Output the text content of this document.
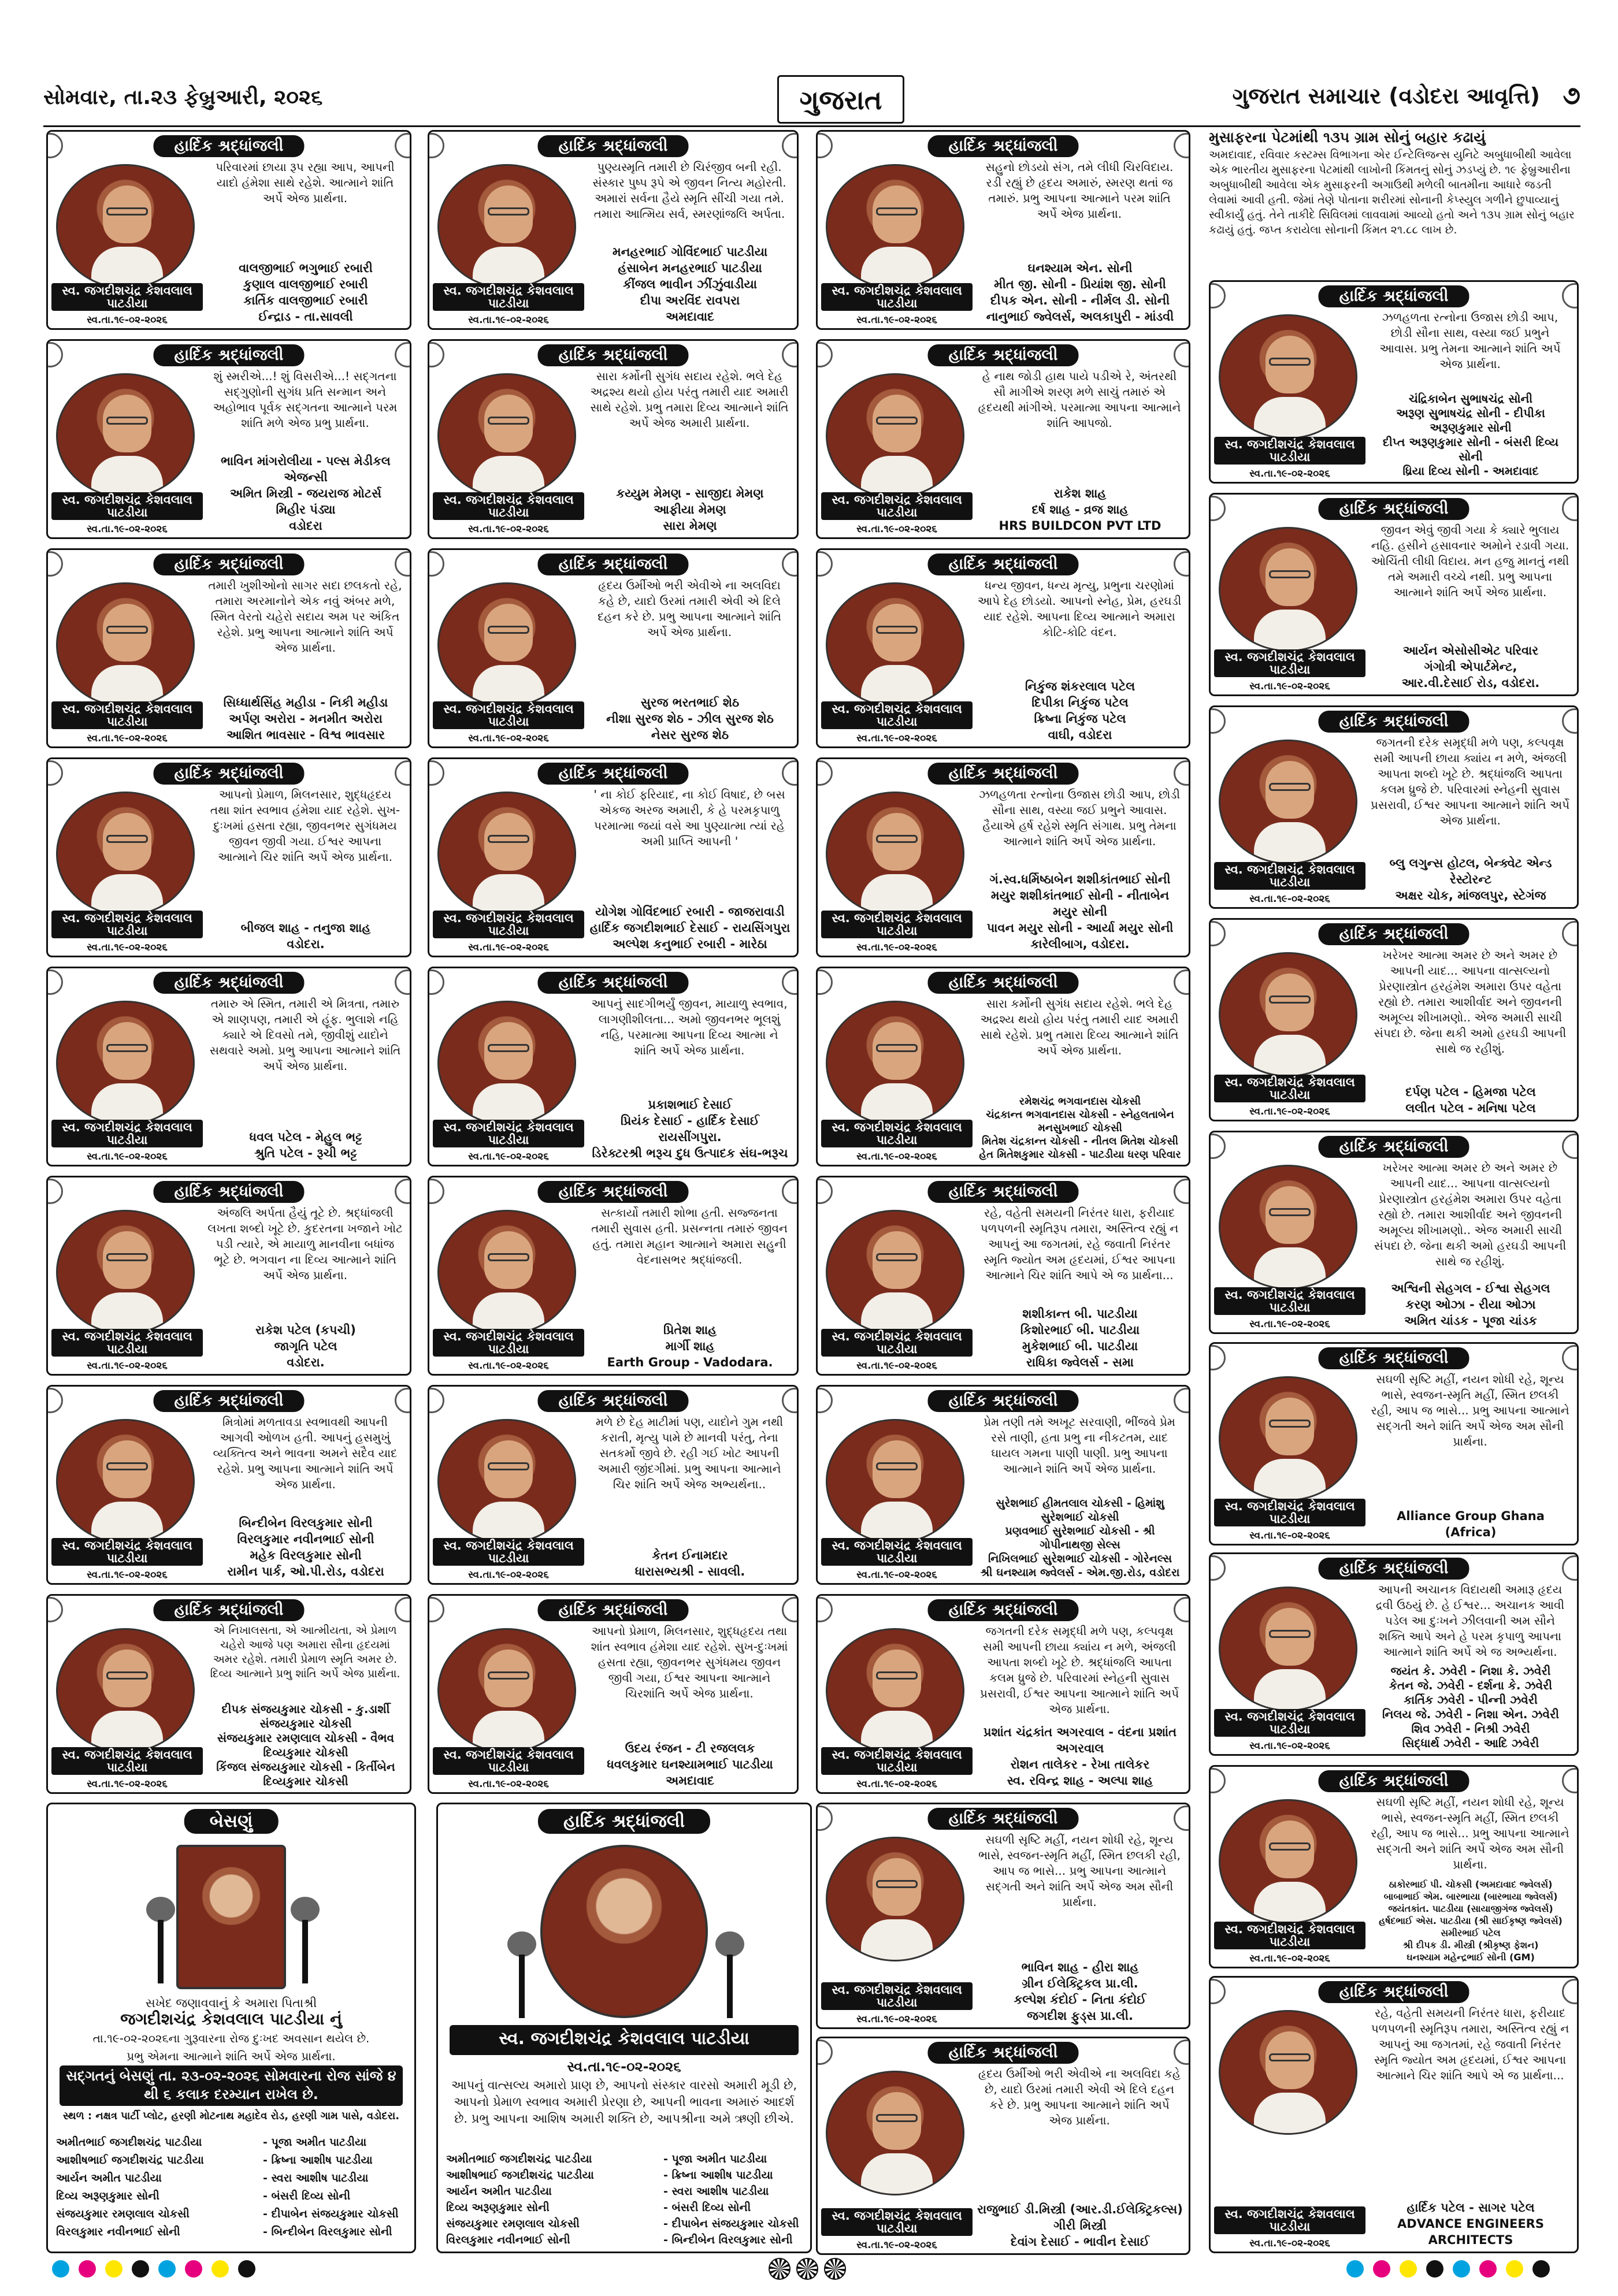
સોમવાર, તા.૨૩ ફેબ્રુઆરી, ૨૦૨૬	ગુજરાત	ગુજરાત સમાચાર (વડોદરા આવૃત્તિ) ૭
મુસાફરના પેટમાંથી ૧૩૫ ગ્રામ સોનું બહાર કઢાયું
અમદાવાદ, રવિવાર કસ્ટમ્સ વિભાગના એર ઈન્ટેલિજન્સ યુનિટે અબુધાબીથી આવેલા એક ભારતીય મુસાફરના પેટમાંથી લાખોની કિંમતનું સોનું ઝડપ્યું છે. ૧૯ ફેબ્રુઆરીના અબુધાબીથી આવેલા એક મુસાફરની અગાઉથી મળેલી બાતમીના આધારે જડતી લેવામાં આવી હતી. જેમાં તેણે પોતાના શરીરમાં સોનાની કેપ્સ્યુલ ગળીને છુપાવ્યાનું સ્વીકાર્યું હતું. તેને તાકીદે સિવિલમાં લાવવામાં આવ્યો હતો અને ૧૩૫ ગ્રામ સોનું બહાર કઢાયું હતું. જપ્ત કરાયેલા સોનાની કિંમત ૨૧.૮૮ લાખ છે.
હાર્દિક શ્રદ્ધાંજલી
સ્વ. જગદીશચંદ્ર કેશવલાલ પાટડીયા
સ્વ.તા.૧૯-૦૨-૨૦૨૬
પરિવારમાં છાયા રૂપ રહ્યા આપ, આપની યાદો હંમેશા સાથે રહેશે. આત્માને શાંતિ અર્પે એજ પ્રાર્થના.
વાલજીભાઈ ભગુભાઈ રબારી
કુણાલ વાલજીભાઈ રબારી
કાર્તિક વાલજીભાઈ રબારી
ઈન્દ્રાડ - તા.સાવલી
હાર્દિક શ્રદ્ધાંજલી
સ્વ. જગદીશચંદ્ર કેશવલાલ પાટડીયા
સ્વ.તા.૧૯-૦૨-૨૦૨૬
પુણ્યસ્મૃતિ તમારી છે ચિરંજીવ બની રહી. સંસ્કાર પુષ્પ રૂપે એ જીવન નિત્ય મહોરતી. અમારાં સર્વના હૈયે સ્મૃતિ સીંચી ગયા તમે. તમારા આત્મિય સર્વ, સ્મરણાંજલિ અર્પતા.
મનહરભાઈ ગોવિંદભાઈ પાટડીયા
હંસાબેન મનહરભાઈ પાટડીયા
કીંજલ ભાવીન ઝીંઝુંવાડીયા
દીપા અરવિંદ રાવપરા
અમદાવાદ
હાર્દિક શ્રદ્ધાંજલી
સ્વ. જગદીશચંદ્ર કેશવલાલ પાટડીયા
સ્વ.તા.૧૯-૦૨-૨૦૨૬
સહુનો છોડયો સંગ, તમે લીધી ચિરવિદાય. રડી રહ્યું છે હૃદય અમારું, સ્મરણ થતાં જ તમારું. પ્રભુ આપના આત્માને પરમ શાંતિ અર્પે એજ પ્રાર્થના.
ઘનશ્યામ એન. સોની
મીત જી. સોની - પ્રિયાંશ જી. સોની
દીપક એન. સોની - નીર્મલ ડી. સોની
નાનુભાઈ જ્વેલર્સ, અલકાપુરી - માંડવી
હાર્દિક શ્રદ્ધાંજલી
સ્વ. જગદીશચંદ્ર કેશવલાલ પાટડીયા
સ્વ.તા.૧૯-૦૨-૨૦૨૬
શું સ્મરીએ...! શું વિસરીએ...! સદ્ગતના સદ્ગુણોની સુગંધ પ્રતિ સન્માન અને અહોભાવ પૂર્વક સદ્ગતના આત્માને પરમ શાંતિ મળે એજ પ્રભુ પ્રાર્થના.
ભાવિન માંગરોલીયા - પલ્સ મેડીકલ એજન્સી
અમિત મિસ્ત્રી - જયરાજ મોટર્સ
મિહીર પંડ્યા
વડોદરા
હાર્દિક શ્રદ્ધાંજલી
સ્વ. જગદીશચંદ્ર કેશવલાલ પાટડીયા
સ્વ.તા.૧૯-૦૨-૨૦૨૬
સારા કર્મોની સુગંધ સદાય રહેશે. ભલે દેહ અદ્રશ્ય થયો હોય પરંતુ તમારી યાદ અમારી સાથે રહેશે. પ્રભુ તમારા દિવ્ય આત્માને શાંતિ અર્પે એજ અમારી પ્રાર્થના.
કય્યુમ મેમણ - સાજીદા મેમણ
આફીયા મેમણ
સારા મેમણ
હાર્દિક શ્રદ્ધાંજલી
સ્વ. જગદીશચંદ્ર કેશવલાલ પાટડીયા
સ્વ.તા.૧૯-૦૨-૨૦૨૬
હે નાથ જોડી હાથ પાયે પડીએ રે, અંતરથી સૌ માગીએ શરણ મળે સાચું તમારું એ હૃદયથી માંગીએ. પરમાત્મા આપના આત્માને શાંતિ આપજો.
રાકેશ શાહ
દર્ષ શાહ - વ્રજ શાહ
HRS BUILDCON PVT LTD
હાર્દિક શ્રદ્ધાંજલી
સ્વ. જગદીશચંદ્ર કેશવલાલ પાટડીયા
સ્વ.તા.૧૯-૦૨-૨૦૨૬
તમારી ખુશીઓનો સાગર સદા છલકતો રહે, તમારા અરમાનોને એક નવું અંબર મળે, સ્મિત વેરતો ચહેરો સદાય અમ પર અંકિત રહેશે. પ્રભુ આપના આત્માને શાંતિ અર્પે એજ પ્રાર્થના.
સિધ્ધાર્થસિંહ મહીડા - નિકી મહીડા
અર્પણ અરોરા - મનમીત અરોરા
આશિત ભાવસાર - વિશ્વ ભાવસાર
હાર્દિક શ્રદ્ધાંજલી
સ્વ. જગદીશચંદ્ર કેશવલાલ પાટડીયા
સ્વ.તા.૧૯-૦૨-૨૦૨૬
હૃદય ઉર્મીઓ ભરી એવીએ ના અલવિદા કહે છે, યાદો ઉરમાં તમારી એવી એ દિલે દહન કરે છે. પ્રભુ આપના આત્માને શાંતિ અર્પે એજ પ્રાર્થના.
સુરજ ભરતભાઈ શેઠ
નીશા સુરજ શેઠ - ઝીલ સુરજ શેઠ
નેસર સુરજ શેઠ
હાર્દિક શ્રદ્ધાંજલી
સ્વ. જગદીશચંદ્ર કેશવલાલ પાટડીયા
સ્વ.તા.૧૯-૦૨-૨૦૨૬
ધન્ય જીવન, ધન્ય મૃત્યુ, પ્રભુના ચરણોમાં આપે દેહ છોડયો. આપનો સ્નેહ, પ્રેમ, હરઘડી યાદ રહેશે. આપના દિવ્ય આત્માને અમારા કોટિ-કોટિ વંદન.
નિકુંજ શંકરલાલ પટેલ
દિપીકા નિકુંજ પટેલ
ક્રિષ્ના નિકુંજ પટેલ
વાઘી, વડોદરા
હાર્દિક શ્રદ્ધાંજલી
સ્વ. જગદીશચંદ્ર કેશવલાલ પાટડીયા
સ્વ.તા.૧૯-૦૨-૨૦૨૬
આપનો પ્રેમાળ, મિલનસાર, શુદ્ધહૃદય તથા શાંત સ્વભાવ હંમેશા યાદ રહેશે. સુખ-દુઃખમાં હસતા રહ્યા, જીવનભર સુગંધમય જીવન જીવી ગયા. ઈશ્વર આપના આત્માને ચિર શાંતિ અર્પે એજ પ્રાર્થના.
બીજલ શાહ - તનુજા શાહ
વડોદરા.
હાર્દિક શ્રદ્ધાંજલી
સ્વ. જગદીશચંદ્ર કેશવલાલ પાટડીયા
સ્વ.તા.૧૯-૦૨-૨૦૨૬
' ના કોઈ ફરિયાદ, ના કોઈ વિષાદ, છે બસ એકજ અરજ અમારી, કે હે પરમકૃપાળુ પરમાત્મા જયાં વસે આ પુણ્યાત્મા ત્યાં રહે અમી પ્રાપ્તિ આપની '
યોગેશ ગોવિંદભાઈ રબારી - જાજરાવાડી
હાર્દિક જગદીશભાઈ દેસાઈ - રાયસિંગપુરા
અલ્પેશ કનુભાઈ રબારી - મારેઠા
હાર્દિક શ્રદ્ધાંજલી
સ્વ. જગદીશચંદ્ર કેશવલાલ પાટડીયા
સ્વ.તા.૧૯-૦૨-૨૦૨૬
ઝળહળતા રત્નોના ઉજાસ છોડી આપ, છોડી સૌના સાથ, વસ્યા જઈ પ્રભુને આવાસ. હૈયાએ હર્ષ રહેશે સ્મૃતિ સંગાથ. પ્રભુ તેમના આત્માને શાંતિ અર્પે એજ પ્રાર્થના.
ગં.સ્વ.ધર્મિષ્ઠાબેન શશીકાંતભાઈ સોની
મયુર શશીકાંતભાઈ સોની - નીતાબેન મયુર સોની
પાવન મયુર સોની - આર્યા મયુર સોની
કારેલીબાગ, વડોદરા.
હાર્દિક શ્રદ્ધાંજલી
સ્વ. જગદીશચંદ્ર કેશવલાલ પાટડીયા
સ્વ.તા.૧૯-૦૨-૨૦૨૬
તમારુ એ સ્મિત, તમારી એ મિત્રતા, તમારુ એ શાણપણ, તમારી એ હૂંફ. ભુલાશે નહિ ક્યારે એ દિવસો તમે, જીવીશું યાદોને સથવારે અમો. પ્રભુ આપના આત્માને શાંતિ અર્પે એજ પ્રાર્થના.
ધવલ પટેલ - મેહુલ ભટ્ટ
શ્રુતિ પટેલ - રૂચી ભટ્ટ
હાર્દિક શ્રદ્ધાંજલી
સ્વ. જગદીશચંદ્ર કેશવલાલ પાટડીયા
સ્વ.તા.૧૯-૦૨-૨૦૨૬
આપનું સાદગીભર્યું જીવન, માયાળુ સ્વભાવ, લાગણીશીલતા... અમો જીવનભર ભૂલશું નહિ, પરમાત્મા આપના દિવ્ય આત્મા ને શાંતિ અર્પે એજ પ્રાર્થના.
પ્રકાશભાઈ દેસાઈ
પ્રિયંક દેસાઈ - હાર્દિક દેસાઈ
રાયસીંગપુરા.
ડિરેક્ટરશ્રી ભરૂચ દુધ ઉત્પાદક સંઘ-ભરૂચ
હાર્દિક શ્રદ્ધાંજલી
સ્વ. જગદીશચંદ્ર કેશવલાલ પાટડીયા
સ્વ.તા.૧૯-૦૨-૨૦૨૬
સારા કર્મોની સુગંધ સદાય રહેશે. ભલે દેહ અદ્રશ્ય થયો હોય પરંતુ તમારી યાદ અમારી સાથે રહેશે. પ્રભુ તમારા દિવ્ય આત્માને શાંતિ અર્પે એજ પ્રાર્થના.
રમેશચંદ્ર ભગવાનદાસ ચોકસી
ચંદ્રકાન્ત ભગવાનદાસ ચોકસી - સ્નેહલતાબેન મનસુખભાઈ ચોકસી
મિતેશ ચંદ્રકાન્ત ચોકસી - નીતલ મિતેશ ચોકસી
હેત મિતેશકુમાર ચોકસી - પાટડીયા ધરણ પરિવાર
હાર્દિક શ્રદ્ધાંજલી
સ્વ. જગદીશચંદ્ર કેશવલાલ પાટડીયા
સ્વ.તા.૧૯-૦૨-૨૦૨૬
અંજલિ અર્પતા હૈયું તૂટે છે. શ્રદ્ધાંજલી લખતા શબ્દો ખૂટે છે. કુદરતના ખજાને ખોટ પડી ત્યારે, એ માયાળુ માનવીના બધાંજ ભૂટે છે. ભગવાન ના દિવ્ય આત્માને શાંતિ અર્પે એજ પ્રાર્થના.
રાકેશ પટેલ (કપચી)
જાગૃતિ પટેલ
વડોદરા.
હાર્દિક શ્રદ્ધાંજલી
સ્વ. જગદીશચંદ્ર કેશવલાલ પાટડીયા
સ્વ.તા.૧૯-૦૨-૨૦૨૬
સત્કાર્યો તમારી શોભા હતી. સજ્જનતા તમારી સુવાસ હતી. પ્રસન્નતા તમારું જીવન હતું. તમારા મહાન આત્માને અમારા સહુની વેદનાસભર શ્રદ્ધાંજલી.
પ્રિતેશ શાહ
માર્ગી શાહ
Earth Group - Vadodara.
હાર્દિક શ્રદ્ધાંજલી
સ્વ. જગદીશચંદ્ર કેશવલાલ પાટડીયા
સ્વ.તા.૧૯-૦૨-૨૦૨૬
રહે, વહેતી સમયની નિરંતર ધારા, ફરીયાદ પળપળની સ્મૃતિરૂપ તમારા, અસ્તિત્વ રહ્યું ન આપનું આ જગતમાં, રહે જવાતી નિરંતર સ્મૃતિ જ્યોત અમ હૃદયમાં, ઈશ્વર આપના આત્માને ચિર શાંતિ આપે એ જ પ્રાર્થના...
શશીકાન્ત બી. પાટડીયા
કિશોરભાઈ બી. પાટડીયા
મુકેશભાઈ બી. પાટડીયા
રાધિકા જ્વેલર્સ - સમા
હાર્દિક શ્રદ્ધાંજલી
સ્વ. જગદીશચંદ્ર કેશવલાલ પાટડીયા
સ્વ.તા.૧૯-૦૨-૨૦૨૬
મિત્રોમાં મળતાવડા સ્વભાવથી આપની આગવી ઓળખ હતી. આપનું હસમુખું વ્યક્તિત્વ અને ભાવના અમને સદૈવ યાદ રહેશે. પ્રભુ આપના આત્માને શાંતિ અર્પે એજ પ્રાર્થના.
બિન્દીબેન વિરલકુમાર સોની
વિરલકુમાર નવીનભાઈ સોની
મહેક વિરલકુમાર સોની
રામીન પાર્ક, ઓ.પી.રોડ, વડોદરા
હાર્દિક શ્રદ્ધાંજલી
સ્વ. જગદીશચંદ્ર કેશવલાલ પાટડીયા
સ્વ.તા.૧૯-૦૨-૨૦૨૬
મળે છે દેહ માટીમાં પણ, યાદોને ગુમ નથી કરાતી, મૃત્યુ પામે છે માનવી પરંતુ, તેના સતકર્મો જીવે છે. રહી ગઈ ખોટ આપની અમારી જીંદગીમાં. પ્રભુ આપના આત્માને ચિર શાંતિ અર્પે એજ અભ્યર્થના..
કેતન ઈનામદાર
ધારાસભ્યશ્રી - સાવલી.
હાર્દિક શ્રદ્ધાંજલી
સ્વ. જગદીશચંદ્ર કેશવલાલ પાટડીયા
સ્વ.તા.૧૯-૦૨-૨૦૨૬
પ્રેમ તણી તમે અખૂટ સરવાણી, ભીંજવે પ્રેમ રસે તાણી, હતા પ્રભુ ના નીકટતમ, યાદ ઘાયલ ગમના પાણી પાણી. પ્રભુ આપના આત્માને શાંતિ અર્પે એજ પ્રાર્થના.
સુરેશભાઈ હીમતલાલ ચોકસી - હિમાંશુ સુરેશભાઈ ચોકસી
પ્રણવભાઈ સુરેશભાઈ ચોકસી - શ્રી ગોપીનાથજી સેલ્સ
નિખિલભાઈ સુરેશભાઈ ચોકસી - ગોરેનલ્સ
શ્રી ઘનશ્યામ જ્વેલર્સ - એમ.જી.રોડ, વડોદરા
હાર્દિક શ્રદ્ધાંજલી
સ્વ. જગદીશચંદ્ર કેશવલાલ પાટડીયા
સ્વ.તા.૧૯-૦૨-૨૦૨૬
એ નિખાલસતા, એ આત્મીયતા, એ પ્રેમાળ ચહેરો આજે પણ અમારા સૌના હૃદયમાં અમર રહેશે. તમારી પ્રેમાળ સ્મૃતિ અમર છે. દિવ્ય આત્માને પ્રભુ શાંતિ અર્પે એજ પ્રાર્થના.
દીપક સંજયકુમાર ચોકસી - કુ.ડાર્શી સંજયકુમાર ચોકસી
સંજયકુમાર રમણલાલ ચોકસી - વૈભવ દિવ્યકુમાર ચોકસી
કિંજલ સંજયકુમાર ચોકસી - કિર્તીબેન દિવ્યકુમાર ચોકસી
હાર્દિક શ્રદ્ધાંજલી
સ્વ. જગદીશચંદ્ર કેશવલાલ પાટડીયા
સ્વ.તા.૧૯-૦૨-૨૦૨૬
આપનો પ્રેમાળ, મિલનસાર, શુદ્ધહૃદય તથા શાંત સ્વભાવ હંમેશા યાદ રહેશે. સુખ-દુઃખમાં હસતા રહ્યા, જીવનભર સુગંધમય જીવન જીવી ગયા, ઈશ્વર આપના આત્માને ચિરશાંતિ અર્પે એજ પ્રાર્થના.
ઉદય રંજન - ટી રજલલક
ધવલકુમાર ઘનશ્યામભાઈ પાટડીયા
અમદાવાદ
હાર્દિક શ્રદ્ધાંજલી
સ્વ. જગદીશચંદ્ર કેશવલાલ પાટડીયા
સ્વ.તા.૧૯-૦૨-૨૦૨૬
જગતની દરેક સમૃદ્ધી મળે પણ, કલ્પવૃક્ષ સમી આપની છાયા ક્યાંય ન મળે, અંજલી આપતા શબ્દો ખૂટે છે. શ્રદ્ધાંજલિ આપતા કલમ ધ્રુજે છે. પરિવારમાં સ્નેહની સુવાસ પ્રસરાવી, ઈશ્વર આપના આત્માને શાંતિ અર્પે એજ પ્રાર્થના.
પ્રશાંત ચંદ્રકાંત અગરવાલ - વંદના પ્રશાંત અગરવાલ
રોશન તાલેકર - રેખા તાલેકર
સ્વ. રવિન્દ્ર શાહ - અલ્પા શાહ
હાર્દિક શ્રદ્ધાંજલી
સ્વ. જગદીશચંદ્ર કેશવલાલ પાટડીયા
સ્વ.તા.૧૯-૦૨-૨૦૨૬
સઘળી સૃષ્ટિ મહીં, નયન શોધી રહે, શૂન્ય ભાસે, સ્વજન-સ્મૃતિ મહીં, સ્મિત છલકી રહી, આપ જ ભાસે... પ્રભુ આપના આત્માને સદ્‌ગતી અને શાંતિ અર્પે એજ અમ સૌની પ્રાર્થના.
ભાવિન શાહ - હીરા શાહ
ગ્રીન ઈલેક્ટ્રિકલ પ્રા.લી.
કલ્પેશ કંદોઈ - નિતા કંદોઈ
જગદીશ ફુડ્સ પ્રા.લી.
હાર્દિક શ્રદ્ધાંજલી
સ્વ. જગદીશચંદ્ર કેશવલાલ પાટડીયા
સ્વ.તા.૧૯-૦૨-૨૦૨૬
હૃદય ઉર્મીઓ ભરી એવીએ ના અલવિદા કહે છે, યાદો ઉરમાં તમારી એવી એ દિલે દહન કરે છે. પ્રભુ આપના આત્માને શાંતિ અર્પે એજ પ્રાર્થના.
રાજુભાઈ ડી.મિસ્ત્રી (આર.ડી.ઈલેક્ટ્રિકલ્સ)
ગીરી મિસ્ત્રી
દેવાંગ દેસાઈ - ભાવીન દેસાઈ
હાર્દિક શ્રદ્ધાંજલી
સ્વ. જગદીશચંદ્ર કેશવલાલ પાટડીયા
સ્વ.તા.૧૯-૦૨-૨૦૨૬
ઝળહળતા રત્નોના ઉજાસ છોડી આપ, છોડી સૌના સાથ, વસ્યા જઈ પ્રભુને આવાસ. પ્રભુ તેમના આત્માને શાંતિ અર્પે એજ પ્રાર્થના.
ચંદ્રિકાબેન સુભાષચંદ્ર સોની
અરૂણ સુભાષચંદ્ર સોની - દીપીકા અરૂણકુમાર સોની
દીપ્ત અરૂણકુમાર સોની - બંસરી દિવ્ય સોની
ધ્રિયા દિવ્ય સોની - અમદાવાદ
હાર્દિક શ્રદ્ધાંજલી
સ્વ. જગદીશચંદ્ર કેશવલાલ પાટડીયા
સ્વ.તા.૧૯-૦૨-૨૦૨૬
જીવન એવું જીવી ગયા કે ક્યારે ભુલાય નહિ. હસીને હસાવનાર અમોને રડાવી ગયા. ઓચિંતી લીધી વિદાય. મન હજુ માનતું નથી તમે અમારી વચ્ચે નથી. પ્રભુ આપના આત્માને શાંતિ અર્પે એજ પ્રાર્થના.
આર્યન એસોસીએટ પરિવાર
ગંગોત્રી એપાર્ટમેન્ટ,
આર.વી.દેસાઈ રોડ, વડોદરા.
હાર્દિક શ્રદ્ધાંજલી
સ્વ. જગદીશચંદ્ર કેશવલાલ પાટડીયા
સ્વ.તા.૧૯-૦૨-૨૦૨૬
જગતની દરેક સમૃદ્ધી મળે પણ, કલ્પવૃક્ષ સમી આપની છાયા ક્યાંય ન મળે, અંજલી આપતા શબ્દો ખૂટે છે. શ્રદ્ધાંજલિ આપતા કલમ ધ્રુજે છે. પરિવારમાં સ્નેહની સુવાસ પ્રસરાવી, ઈશ્વર આપના આત્માને શાંતિ અર્પે એજ પ્રાર્થના.
બ્લુ લગુન્સ હોટલ, બેન્ક્વેટ એન્ડ રેસ્ટોરન્ટ
અક્ષર ચોક, માંજલપુર, સ્ટેગંજ
હાર્દિક શ્રદ્ધાંજલી
સ્વ. જગદીશચંદ્ર કેશવલાલ પાટડીયા
સ્વ.તા.૧૯-૦૨-૨૦૨૬
ખરેખર આત્મા અમર છે અને અમર છે આપની યાદ... આપના વાત્સલ્યનો પ્રેરણાસ્ત્રોત હરહંમેશ અમારા ઉપર વહેતા રહ્યો છે. તમારા આશીર્વાદ અને જીવનની અમૂલ્ય શીખામણો.. એજ અમારી સાચી સંપદા છે. જેના થકી અમો હરઘડી આપની સાથે જ રહીશું.
દર્પણ પટેલ - હિમજા પટેલ
લલીત પટેલ - મનિષા પટેલ
હાર્દિક શ્રદ્ધાંજલી
સ્વ. જગદીશચંદ્ર કેશવલાલ પાટડીયા
સ્વ.તા.૧૯-૦૨-૨૦૨૬
ખરેખર આત્મા અમર છે અને અમર છે આપની યાદ... આપના વાત્સલ્યનો પ્રેરણાસ્ત્રોત હરહંમેશ અમારા ઉપર વહેતા રહ્યો છે. તમારા આશીર્વાદ અને જીવનની અમૂલ્ય શીખામણો.. એજ અમારી સાચી સંપદા છે. જેના થકી અમો હરઘડી આપની સાથે જ રહીશું.
અશ્વિની સેહગલ - ઈશ્વા સેહગલ
કરણ ઓઝા - રીયા ઓઝા
અમિત ચાંડક - પૂજા ચાંડક
હાર્દિક શ્રદ્ધાંજલી
સ્વ. જગદીશચંદ્ર કેશવલાલ પાટડીયા
સ્વ.તા.૧૯-૦૨-૨૦૨૬
સઘળી સૃષ્ટિ મહીં, નયન શોધી રહે, શૂન્ય ભાસે, સ્વજન-સ્મૃતિ મહીં, સ્મિત છલકી રહી, આપ જ ભાસે... પ્રભુ આપના આત્માને સદ્‌ગતી અને શાંતિ અર્પે એજ અમ સૌની પ્રાર્થના.
Alliance Group Ghana
(Africa)
હાર્દિક શ્રદ્ધાંજલી
સ્વ. જગદીશચંદ્ર કેશવલાલ પાટડીયા
સ્વ.તા.૧૯-૦૨-૨૦૨૬
આપની અચાનક વિદાયથી અમારૂ હૃદય દ્રવી ઉઠયું છે. હે ઈશ્વર... અચાનક આવી પડેલ આ દુઃખને ઝીલવાની અમ સૌને શક્તિ આપે અને હે પરમ કૃપાળુ આપના આત્માને શાંતિ અર્પે એ જ અભ્યર્થના.
જયંત કે. ઝવેરી - નિશા કે. ઝવેરી
કેતન જે. ઝવેરી - દર્શના કે. ઝવેરી
કાર્તિક ઝવેરી - પીન્ની ઝવેરી
નિલય જે. ઝવેરી - નિશા એન. ઝવેરી
શિવ ઝવેરી - નિશ્રી ઝવેરી
સિદ્ધાર્થ ઝવેરી - આદિ ઝવેરી
હાર્દિક શ્રદ્ધાંજલી
સ્વ. જગદીશચંદ્ર કેશવલાલ પાટડીયા
સ્વ.તા.૧૯-૦૨-૨૦૨૬
સઘળી સૃષ્ટિ મહીં, નયન શોધી રહે, શૂન્ય ભાસે, સ્વજન-સ્મૃતિ મહીં, સ્મિત છલકી રહી, આપ જ ભાસે... પ્રભુ આપના આત્માને સદ્‌ગતી અને શાંતિ અર્પે એજ અમ સૌની પ્રાર્થના.
ઠાકોરભાઈ પી. ચોકસી (અમદાવાદ જ્વેલર્સ)
બાબાભાઈ એમ. બારભાયા (બારભાયા જ્વેલર્સ)
જયંતકાંત. પાટડીયા (સાયાજીગંજ જ્વેલર્સ)
હર્ષદભાઈ એસ. પાટડીયા (શ્રી સાઈકૃષ્ણ જ્વેલર્સ)
સમીરભાઈ પટેલ
શ્રી દીપક ડી. મીસ્ત્રી (શ્રીકૃષ્ણ ફેશન)
ઘનશ્યામ મહેન્દ્રભાઈ સોની (GM)
હાર્દિક શ્રદ્ધાંજલી
સ્વ. જગદીશચંદ્ર કેશવલાલ પાટડીયા
સ્વ.તા.૧૯-૦૨-૨૦૨૬
રહે, વહેતી સમયની નિરંતર ધારા, ફરીયાદ પળપળની સ્મૃતિરૂપ તમારા, અસ્તિત્વ રહ્યું ન આપનું આ જગતમાં, રહે જવાતી નિરંતર સ્મૃતિ જ્યોત અમ હૃદયમાં, ઈશ્વર આપના આત્માને ચિર શાંતિ આપે એ જ પ્રાર્થના...
હાર્દિક પટેલ - સાગર પટેલ
ADVANCE ENGINEERS ARCHITECTS
બેસણું

સખેદ જણાવવાનું કે અમારા પિતાશ્રી
જગદીશચંદ્ર કેશવલાલ પાટડીયા નું
તા.૧૯-૦૨-૨૦૨૬ના ગુરૂવારના રોજ દુઃખદ અવસાન થયેલ છે.
પ્રભુ એમના આત્માને શાંતિ અર્પે એજ પ્રાર્થના.
સદ્‌ગતનું બેસણું તા. ૨૩-૦૨-૨૦૨૬ સોમવારના રોજ સાંજે ૪ થી ૬ કલાક દરમ્યાન રાખેલ છે.
સ્થળ : નક્ષત્ર પાર્ટી પ્લોટ, હરણી મોટનાથ મહાદેવ રોડ, હરણી ગામ પાસે, વડોદરા.
અમીતભાઈ જગદીશચંદ્ર પાટડીયા
આશીષભાઈ જગદીશચંદ્ર પાટડીયા
આર્યન અમીત પાટડીયા
દિવ્ય અરૂણકુમાર સોની
સંજયકુમાર રમણલાલ ચોકસી
વિરલકુમાર નવીનભાઈ સોની
- પૂજા અમીત પાટડીયા
- ક્રિષ્ના આશીષ પાટડીયા
- સ્વરા આશીષ પાટડીયા
- બંસરી દિવ્ય સોની
- દીપાબેન સંજયકુમાર ચોકસી
- બિન્દીબેન વિરલકુમાર સોની
હાર્દિક શ્રદ્ધાંજલી

સ્વ. જગદીશચંદ્ર કેશવલાલ પાટડીયા
સ્વ.તા.૧૯-૦૨-૨૦૨૬
આપનું વાત્સલ્ય અમારો પ્રાણ છે, આપનો સંસ્કાર વારસો અમારી મૂડી છે, આપનો પ્રેમાળ સ્વભાવ અમારી પ્રેરણા છે, આપની ભાવના અમારું આદર્શ છે. પ્રભુ આપના આશિષ અમારી શક્તિ છે, આપશ્રીના અમે ઋણી છીએ.
અમીતભાઈ જગદીશચંદ્ર પાટડીયા
આશીષભાઈ જગદીશચંદ્ર પાટડીયા
આર્યન અમીત પાટડીયા
દિવ્ય અરૂણકુમાર સોની
સંજયકુમાર રમણલાલ ચોકસી
વિરલકુમાર નવીનભાઈ સોની
- પૂજા અમીત પાટડીયા
- ક્રિષ્ના આશીષ પાટડીયા
- સ્વરા આશીષ પાટડીયા
- બંસરી દિવ્ય સોની
- દીપાબેન સંજયકુમાર ચોકસી
- બિન્દીબેન વિરલકુમાર સોની
